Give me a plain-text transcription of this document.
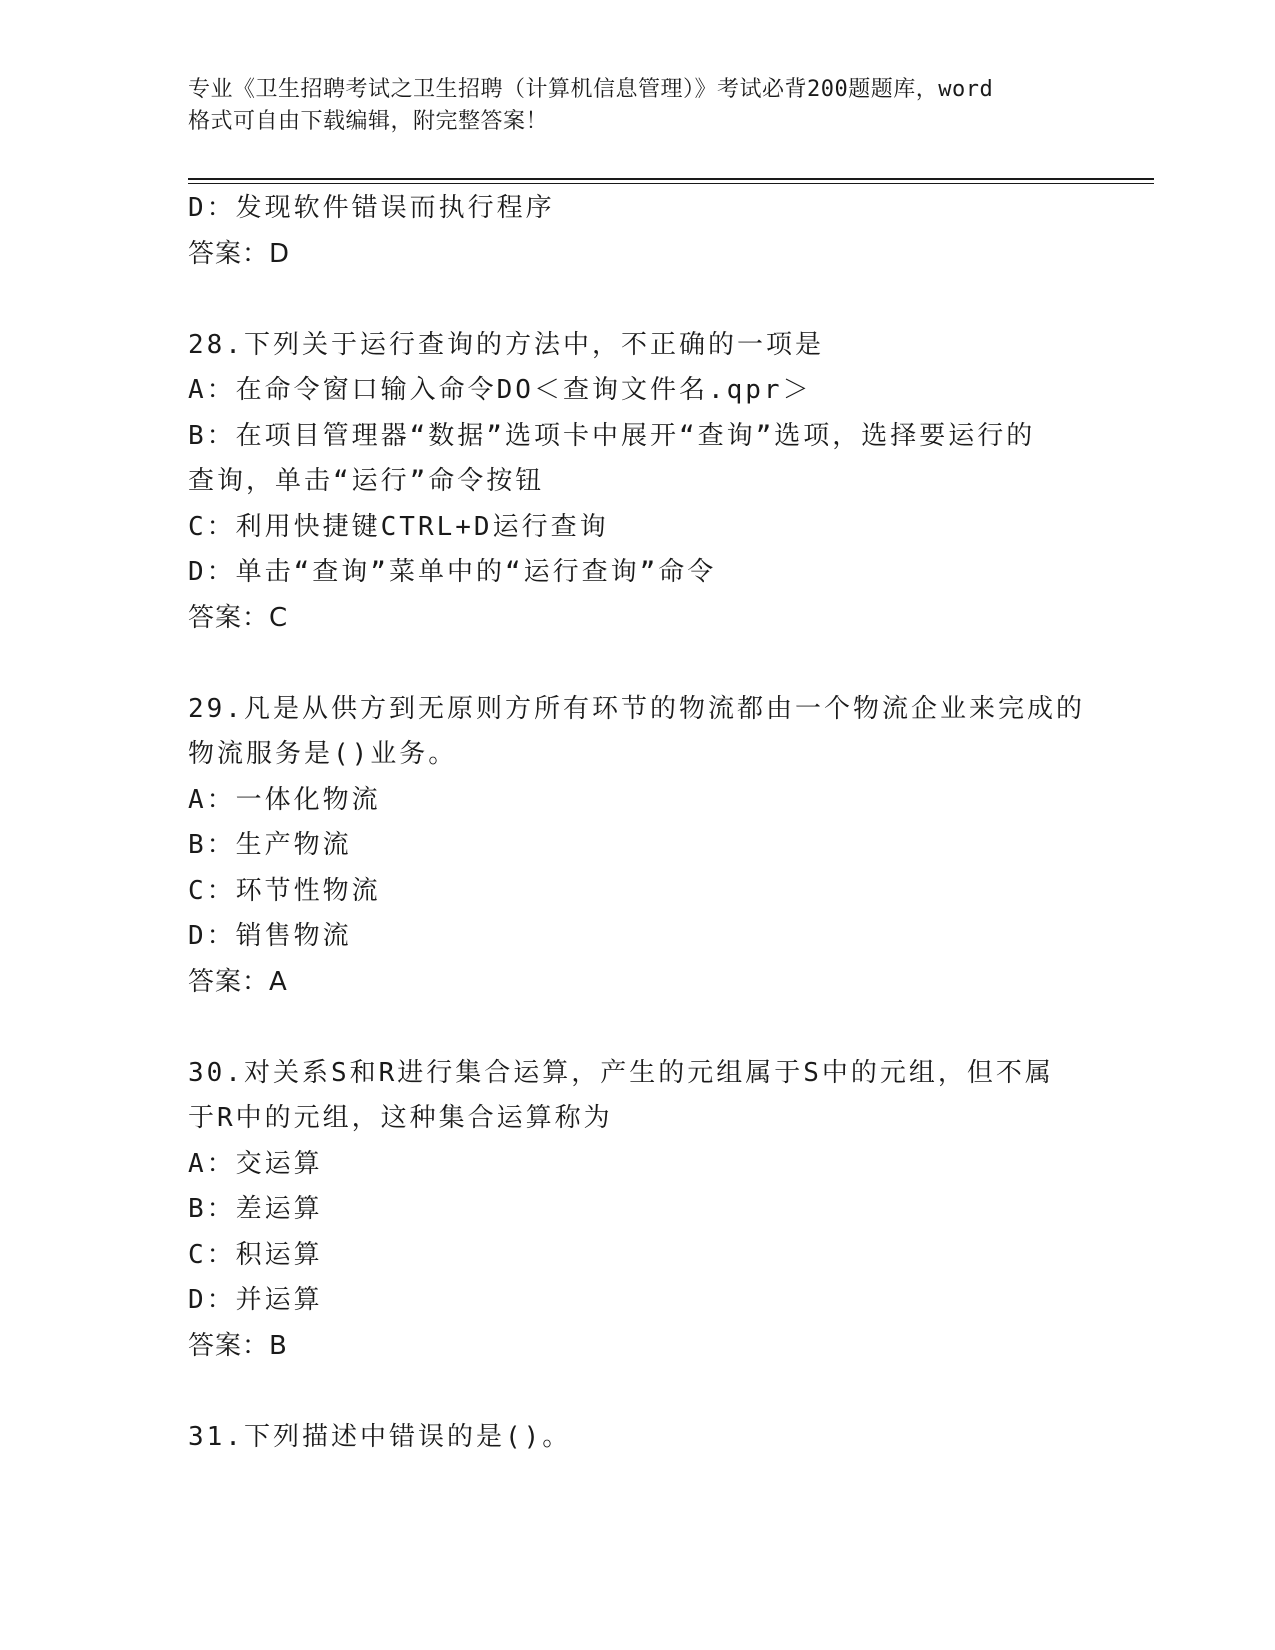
专业《卫生招聘考试之卫生招聘（计算机信息管理）》考试必背200题题库，word
格式可自由下载编辑，附完整答案！
D：发现软件错误而执行程序
答案：D
28.下列关于运行查询的方法中，不正确的一项是
A：在命令窗口输入命令DO＜查询文件名.qpr＞
B：在项目管理器“数据”选项卡中展开“查询”选项，选择要运行的
查询，单击“运行”命令按钮
C：利用快捷键CTRL+D运行查询
D：单击“查询”菜单中的“运行查询”命令
答案：C
29.凡是从供方到无原则方所有环节的物流都由一个物流企业来完成的
物流服务是()业务。
A：一体化物流
B：生产物流
C：环节性物流
D：销售物流
答案：A
30.对关系S和R进行集合运算，产生的元组属于S中的元组，但不属
于R中的元组，这种集合运算称为
A：交运算
B：差运算
C：积运算
D：并运算
答案：B
31.下列描述中错误的是()。
